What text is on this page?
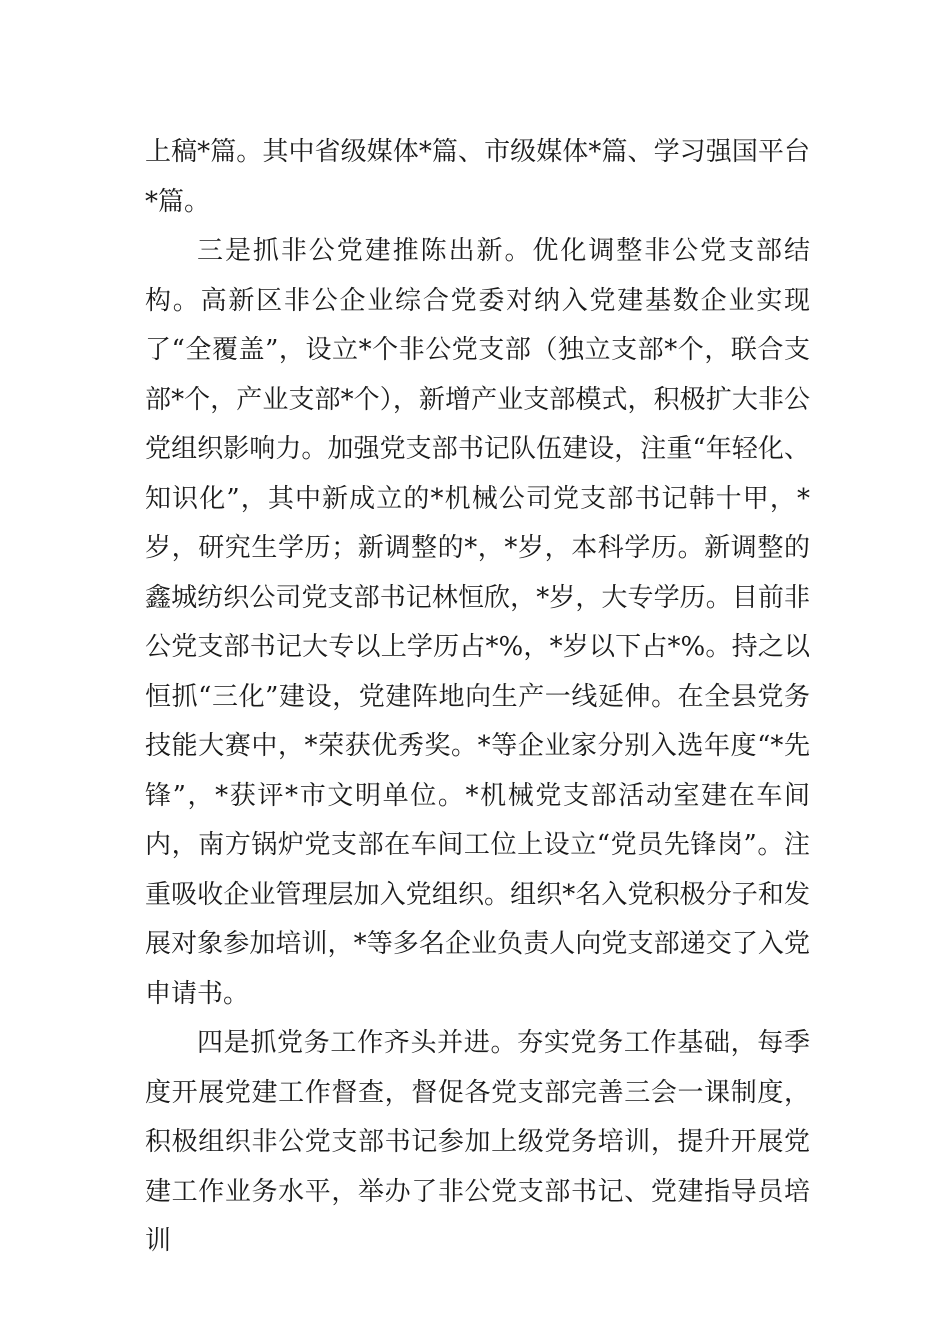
上稿*篇。其中省级媒体*篇、市级媒体*篇、学习强国平台*篇。

三是抓非公党建推陈出新。优化调整非公党支部结构。高新区非公企业综合党委对纳入党建基数企业实现了“全覆盖”，设立*个非公党支部（独立支部*个，联合支部*个，产业支部*个），新增产业支部模式，积极扩大非公党组织影响力。加强党支部书记队伍建设，注重“年轻化、知识化”，其中新成立的*机械公司党支部书记韩十甲，*岁，研究生学历；新调整的*，*岁，本科学历。新调整的鑫城纺织公司党支部书记林恒欣，*岁，大专学历。目前非公党支部书记大专以上学历占*%，*岁以下占*%。持之以恒抓“三化”建设，党建阵地向生产一线延伸。在全县党务技能大赛中，*荣获优秀奖。*等企业家分别入选年度“*先锋”，*获评*市文明单位。*机械党支部活动室建在车间内，南方锅炉党支部在车间工位上设立“党员先锋岗”。注重吸收企业管理层加入党组织。组织*名入党积极分子和发展对象参加培训，*等多名企业负责人向党支部递交了入党申请书。

四是抓党务工作齐头并进。夯实党务工作基础，每季度开展党建工作督查，督促各党支部完善三会一课制度，积极组织非公党支部书记参加上级党务培训，提升开展党建工作业务水平，举办了非公党支部书记、党建指导员培训
